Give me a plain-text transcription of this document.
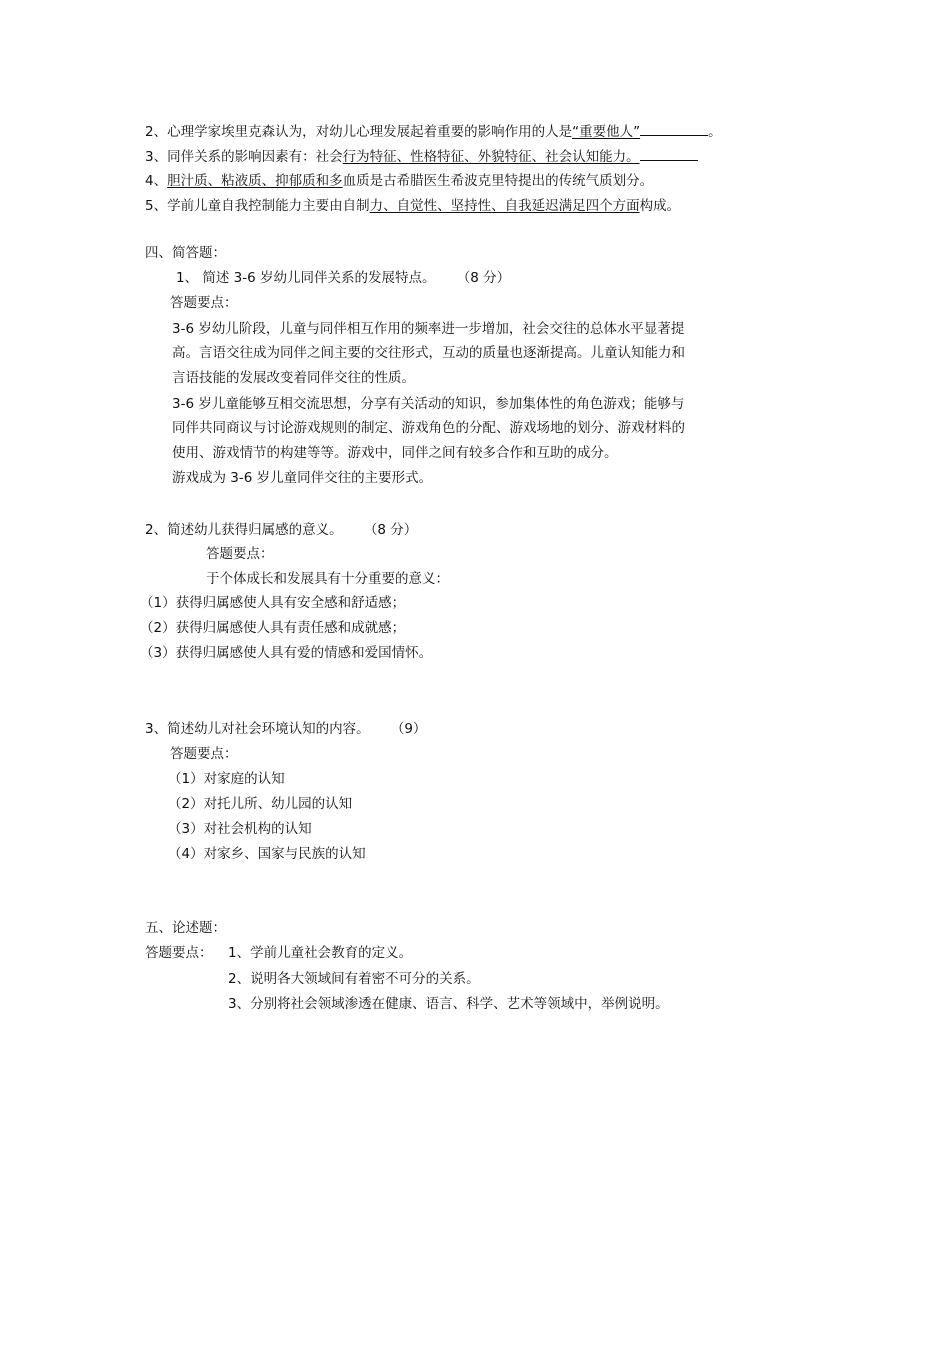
2、心理学家埃里克森认为，对幼儿心理发展起着重要的影响作用的人是“重要他人”	。
3、同伴关系的影响因素有：社会行为特征、性格特征、外貌特征、社会认知能力。
4、胆汁质、粘液质、抑郁质和多血质是古希腊医生希波克里特提出的传统气质划分。
5、学前儿童自我控制能力主要由自制力、自觉性、坚持性、自我延迟满足四个方面构成。
四、简答题：
1、 简述 3-6 岁幼儿同伴关系的发展特点。 （8 分）
答题要点：
3-6 岁幼儿阶段，儿童与同伴相互作用的频率进一步增加，社会交往的总体水平显著提
高。言语交往成为同伴之间主要的交往形式，互动的质量也逐渐提高。儿童认知能力和
言语技能的发展改变着同伴交往的性质。
3-6 岁儿童能够互相交流思想，分享有关活动的知识，参加集体性的角色游戏；能够与
同伴共同商议与讨论游戏规则的制定、游戏角色的分配、游戏场地的划分、游戏材料的
使用、游戏情节的构建等等。游戏中，同伴之间有较多合作和互助的成分。
游戏成为 3-6 岁儿童同伴交往的主要形式。
2、简述幼儿获得归属感的意义。 （8 分）
答题要点：
于个体成长和发展具有十分重要的意义：
（1）获得归属感使人具有安全感和舒适感；
（2）获得归属感使人具有责任感和成就感；
（3）获得归属感使人具有爱的情感和爱国情怀。
3、简述幼儿对社会环境认知的内容。 （9）
答题要点：
（1）对家庭的认知
（2）对托儿所、幼儿园的认知
（3）对社会机构的认知
（4）对家乡、国家与民族的认知
五、论述题：
答题要点： 1、学前儿童社会教育的定义。
2、说明各大领域间有着密不可分的关系。
3、分别将社会领域渗透在健康、语言、科学、艺术等领域中，举例说明。
